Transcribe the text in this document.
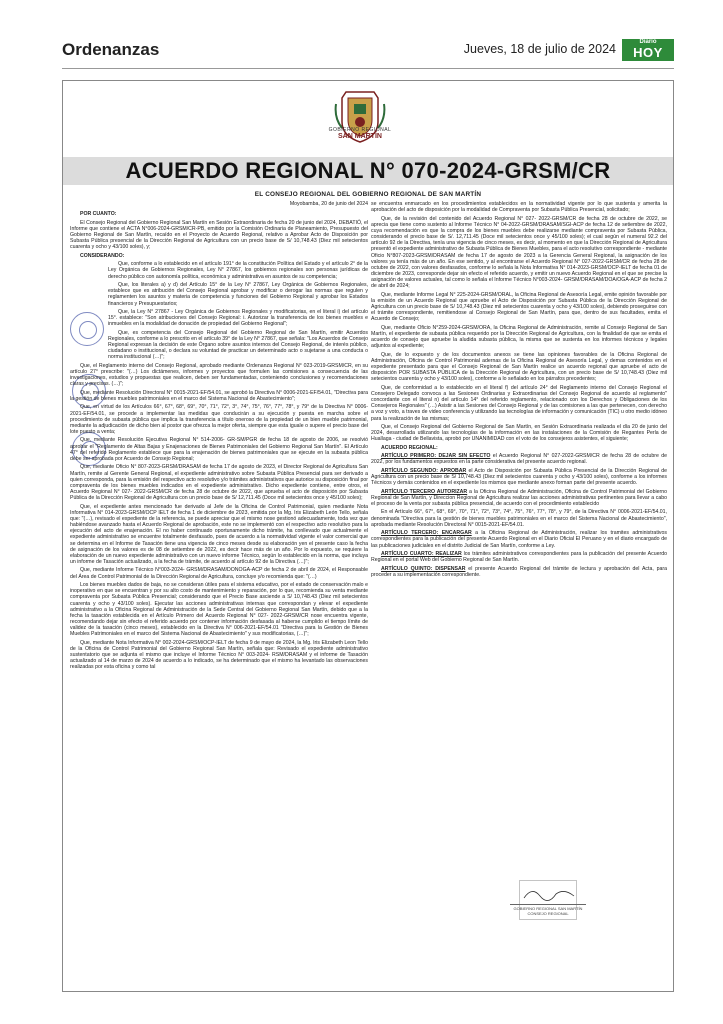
Ordenanzas	Jueves, 18 de julio de 2024	Diario
HOY
GOBIERNO REGIONAL
SAN MARTÍN
ACUERDO REGIONAL N° 070-2024-GRSM/CR

EL CONSEJO REGIONAL DEL GOBIERNO REGIONAL DE SAN MARTÍN

Moyobamba, 20 de junio del 2024

POR CUANTO:

El Consejo Regional del Gobierno Regional San Martín en Sesión Extraordinaria de fecha 20 de junio del 2024, DEBATIÓ, el Informe que contiene el ACTA N°006-2024-GRSM/CR-PB, emitido por la Comisión Ordinaria de Planeamiento, Presupuesto del Gobierno Regional de San Martín, recaído en el Proyecto de Acuerdo Regional, relativo a Aprobar Acto de Disposición por Subasta Pública presencial de la Dirección Regional de Agricultura con un precio base de S/ 10,748.43 (Diez mil setecientos cuarenta y ocho y 43/100 soles), y;

CONSIDERANDO:

Que, conforme a lo establecido en el artículo 191° de la constitución Política del Estado y el artículo 2° de la Ley Orgánica de Gobiernos Regionales, Ley N° 27867, los gobiernos regionales son personas jurídicas de derecho público con autonomía política, económica y administrativa en asuntos de su competencia;

Que, los literales a) y d) del Artículo 15° de la Ley N° 27867, Ley Orgánica de Gobiernos Regionales, establece que es atribución del Consejo Regional aprobar y modificar o derogar las normas que regulen y reglamenten los asuntos y materia de competencia y funciones del Gobierno Regional y aprobar los Estados financieros y Presupuestarios;

Que, la Ley N° 27867 - Ley Orgánica de Gobiernos Regionales y modificatorias, en el literal i) del artículo 15°. establece: "Son atribuciones del Consejo Regional: i. Autorizar la transferencia de los bienes muebles e inmuebles en la modalidad de donación de propiedad del Gobierno Regional";

Que, es competencia del Consejo Regional del Gobierno Regional de San Martín, emitir Acuerdos Regionales, conforme a lo prescrito en el artículo 39° de la Ley N° 27867, que señala: "Los Acuerdos de Consejo Regional expresan la decisión de este Órgano sobre asuntos internos del Consejo Regional, de interés público, ciudadano o institucional, o declara su voluntad de practicar un determinado acto o sujetarse a una conducta o norma institucional (…)";

Que, el Reglamento interno del Consejo Regional, aprobado mediante Ordenanza Regional N° 023-2019-GRSM/CR, en su artículo 27° prescribe: "(…) Los dictámenes, informes y proyectos que formulen las comisiones a consecuencia de las investigaciones, estudios y propuestas que realicen, deben ser fundamentadas, conteniendo conclusiones y recomendaciones claras y precisas. (…)";

Que, mediante Resolución Directoral N° 0015-2021-EF/54.01, se aprobó la Directiva N° 0006-2021-EF/54.01, "Directiva para la gestión de bienes muebles patrimoniales en el marco del Sistema Nacional de Abastecimiento";

Que, en virtud de los Artículos 66°, 67°, 68°, 69°, 70°, 71°, 72°, 3°, 74°, 75°, 76°, 77°, 78°, y 79° de la Directiva N° 0006-2021-EF/54.01, se procede a implementar las medidas que conducirán a su ejecución y puesta en marcha sobre el procedimiento de subasta pública que implica la transferencia a título oneroso de la propiedad de un bien mueble patrimonial, mediante la adjudicación de dicho bien al postor que ofrezca la mejor oferta, siempre que esta iguale o supere el precio base del lote puesto a venta;

Que, mediante Resolución Ejecutiva Regional N° 514-2006- GR-SM/PGR de fecha 18 de agosto de 2006, se resolvió aprobar el "Reglamento de Altas Bajas y Enajenaciones de Bienes Patrimoniales del Gobierno Regional San Martín". El Artículo 47° del referido Reglamento establece que para la enajenación de bienes patrimoniales que se ejecute en la subasta pública debe ser aprobada por Acuerdo de Consejo Regional;

Que, mediante Oficio N° 807-2023-GRSM/DRASAM de fecha 17 de agosto de 2023, el Director Regional de Agricultura San Martín, remite al Gerente General Regional, el expediente administrativo sobre Subasta Pública Presencial para ser derivado a quien corresponda, para la emisión del respectivo acto resolutivo y/o trámites administrativos que autorice su disposición final por compraventa de los bienes muebles indicados en el expediente administrativo. Dicho expediente contiene, entre otros, el Acuerdo Regional N° 027- 2022-GRSM/CR de fecha 28 de octubre de 2022, que aprueba el acto de disposición por Subasta Pública de la Dirección Regional de Agricultura con un precio base de S/ 12,711.45 (Doce mil setecientos once y 45/100 soles);

Que, el expediente antes mencionado fue derivado al Jefe de la Oficina de Control Patrimonial, quien mediante Nota Informativa N° 014-2023-GRSM/OCP IELT de fecha 1 de diciembre de 2023, emitida por la Mg. Iris Elizabeth León Tello, señala que: "(…), revisado el expediente de la referencia, se puede apreciar que el mismo nose gestionó adecuadamente, toda vez que habiéndose avanzado hasta el Acuerdo Regional de aprobación, este no se implementó con el respectivo acto resolutivo para la ejecución del acto de enajenación. El no haber continuado oportunamente dicho trámite, ha conllevado que actualmente el expediente administrativo se encuentre totalmente desfasado, pues de acuerdo a la normatividad vigente el valor comercial que se determina en el Informe de Tasación tiene una vigencia de cinco meses desde su elaboración yen el presente caso la fecha de asignación de los valores es de 08 de setiembre de 2022, es decir hace más de un año. Por lo expuesto, se requiere la elaboración de un nuevo expediente administrativo con un nuevo informe Técnico, según lo establecido en la norma, que incluya un informe de Tasación actualizado, a la fecha de trámite, de acuerdo al artículo 92 de la Directiva (…)";

Que, mediante Informe Técnico N°003-2024- GRSM/DRASAM/DONOGA-ACP de fecha 2 de abril de 2024, el Responsable del Área de Control Patrimonial de la Dirección Regional de Agricultura, concluye y/o recomienda que: "(…)

Los bienes muebles dados de baja, no se consideran útiles para el sistema educativo, por el estado de conservación malo e inoperativo en que se encuentran y por su alto costo de mantenimiento y reparación, por lo que, recomienda su venta mediante compraventa por Subasta Pública Presencial; considerando que el Precio Base asciende a S/ 10,748.43 (Diez mil setecientos cuarenta y ocho y 43/100 soles). Ejecutar las acciones administrativas internas que correspondan y elevar el expediente administrativo a la Oficina Regional de Administración de la Sede Central del Gobierno Regional San Martín, debido que a la fecha la tasación establecida en el Artículo Primero del Acuerdo Regional N° 027- 2022-GRSM/CR nose encuentra vigente, recomendando dejar sin efecto el referido acuerdo por contener información desfasada al haberse cumplido el tiempo límite de validez de la tasación (cinco meses), establecido en la Directiva N° 006-2021-EF/54.01 "Directiva para la Gestión de Bienes Muebles Patrimoniales en el marco del Sistema Nacional de Abastecimiento" y sus modificatorias, (…)";

Que, mediante Nota Informativa N° 002-2024-GRSM/OCP-IELT de fecha 9 de mayo de 2024, la Mg. Iris Elizabeth Leon Tello de la Oficina de Control Patrimonial del Gobierno Regional San Martín, señala que: Revisado el expediente administrativo sustentatorio que se adjunta el mismo que incluye el Informe Técnico N° 003-2024- RSM/DRASAM y el informe de Tasación actualizado al 14 de marzo de 2024 de acuerdo a lo indicado, se ha determinado que el mismo ha levantado las observaciones realizadas por esta oficina y como tal

se encuentra enmarcado en los procedimientos establecidos en la normatividad vigente por lo que sustenta y amerita la aprobación del acto de disposición por la modalidad de Compraventa por Subasta Pública Presencial, solicitado;

Que, de la revisión del contenido del Acuerdo Regional N° 027- 2022-GRSM/CR de fecha 28 de octubre de 2022, se aprecia que tiene como sustento al Informe Técnico N° 04-2022-GRSM/DRASAM/SGI-ACP de fecha 12 de setiembre de 2022, cuya recomendación es que la compra de los bienes muebles debe realizarse mediante compraventa por Subasta Pública, considerando el precio base de S/. 12,711.45 (Doce mil setecientos once y 45/100 soles); el cual según el numeral 92.2 del artículo 92 de la Directiva, tenía una vigencia de cinco meses, es decir, al momento en que la Dirección Regional de Agricultura presentó el expediente administrativo de Subasta Pública de Bienes Muebles, para el acto resolutivo correspondiente - mediante Oficio N°807-2023-GRSM/DRASAM de fecha 17 de agosto de 2023 a la Gerencia General Regional, la asignación de los valores ya tenía más de un año. En ese sentido, y al encontrarse el Acuerdo Regional N° 027-2022-GRSM/CR de fecha 28 de octubre de 2022, con valores desfasados, conforme lo señala la Nota Informativa N° 014-2023-GRSM/OCP-IELT de fecha 01 de diciembre de 2023, corresponde dejar sin efecto el referido acuerdo, y emitir un nuevo Acuerdo Regional en el que se precise la asignación de valores actuales, tal como lo señala el Informe Técnico N°003-2024- GRSM/DRASAM/DOA/OGA-ACP de fecha 2 de abril de 2024;

Que, mediante Informe Legal N° 225-2024-GRSM/ORAL, la Oficina Regional de Asesoría Legal, emite opinión favorable por la emisión de un Acuerdo Regional que apruebe el Acto de Disposición por Subasta Pública de la Dirección Regional de Agricultura con un precio base de S/ 10,748.43 (Diez mil setecientos cuarenta y ocho y 43/100 soles), debiendo proseguirse con el trámite correspondiente, remitiendose al Consejo Regional de San Martín, para que, dentro de sus facultades, emita el Acuerdo de Consejo;

Que, mediante Oficio N°259-2024-GRSM/ORA, la Oficina Regional de Administración, remite al Consejo Regional de San Martín, el expediente de subasta pública requerido por la Dirección Regional de Agricultura, con la finalidad de que se emita el acuerdo de consejo que apruebe la aludida subasta pública, la misma que se sustenta en los informes técnicos y legales adjuntos al expediente;

Que, de lo expuesto y de los documentos anexos se tiene las opiniones favorables de la Oficina Regional de Administración, Oficina de Control Patrimonial adernas de la Oficina Regional de Asesoría Legal, y demas contenidos en el expediente presentado para que el Consejo Regional de San Martín realice un acuerdo regional que apruebe el acto de disposición POR SUBASTA PÚBLICA de la Dirección Regional de Agricultura, con un precio base de S/ 10,748.43 (Diez mil setecientos cuarenta y ocho y 43/100 soles), conforme a lo señalado en los párrafos precedentes;

Que, de conformidad a lo establecido en el literal f) del artículo 24° del Reglamento interno del Consejo Regional el Consejero Delegado convoca a las Sesiones Ordinarias y Extraordinarias del Consejo Regional de acuerdo al reglamento" concordante con el literal n) del artículo 14° del referido reglamento, relacionado con los Derechos y Obligaciones de los Consejeros Regionales" (…) Asistir a las Sesiones del Consejo Regional y de las comisiones a las que pertenecen, con derecho a voz y voto, a traves de video conferencia y utilizando las tecnologías de información y comunicación (TIC) u otro medio idóneo para la realización de las mismas;

Que, el Consejo Regional del Gobierno Regional de San Martín, en Sesión Extraordinaria realizada el día 20 de junio del 2024, desarrollada utilizando las tecnologías de la información en las instalaciones de la Comisión de Regantes Perla de Huallaga - ciudad de Bellavista, aprobó por UNANIMIDAD con el voto de los consejeros asistentes, el siguiente;

ACUERDO REGIONAL:

ARTÍCULO PRIMERO: DEJAR SIN EFECTO el Acuerdo Regional N° 027-2022-GRSM/CR de fecha 28 de octubre de 2022, por los fundamentos expuestos en la parte considerativa del presente acuerdo regional.

ARTÍCULO SEGUNDO: APROBAR el Acto de Disposición por Subasta Pública Presencial de la Dirección Regional de Agricultura con un precio base de S/ 10,748.43 (Diez mil setecientos cuarenta y ocho y 43/100 soles), conforme a los informes Técnicos y demás contenidos en el expediente los mismos que mediante anexo forman parte del presente acuerdo.

ARTÍCULO TERCERO AUTORIZAR a la Oficina Regional de Administración, Oficina de Control Patrimonial del Gobierno Regional de San Martín, y Direccion Regional de Agricultura realizar las acciones administrativas pertinentes para llevar a cabo el proceso de la venta por subasta pública presencial, de acuerdo con el procedimiento establecido

En el Artículo 66°, 67°, 68°, 69°, 70°, 71°, 72°, 73°, 74°, 75°, 76°, 77°, 78°, y 79°, de la Directiva N° 0006-2021-EF/54.01, denominada "Directiva para la gestión de bienes muebles patrimoniales en el marco del Sistema Nacional de Abastecimiento", aprobada mediante Resolución Directoral N° 0015-2021-EF/54.01.

ARTÍCULO TERCERO: ENCARGAR a la Oficina Regional de Administración, realizar los tramites administrativos correspondientes para la publicación del presente Acuerdo Regional en el Diario Oficial El Peruano y en el diario encargado de las publicaciones judiciales en el distrito Judicial de San Martín, conforme a Ley.

ARTÍCULO CUARTO: REALIZAR los trámites administrativos correspondientes para la publicación del presente Acuerdo Regional en el portal Web del Gobierno Regional de San Martín.

ARTÍCULO QUINTO: DISPENSAR el presente Acuerdo Regional del trámite de lectura y aprobación del Acta, para proceder a su implementación correspondiente.

GOBIERNO REGIONAL SAN MARTÍN
CONSEJO REGIONAL
